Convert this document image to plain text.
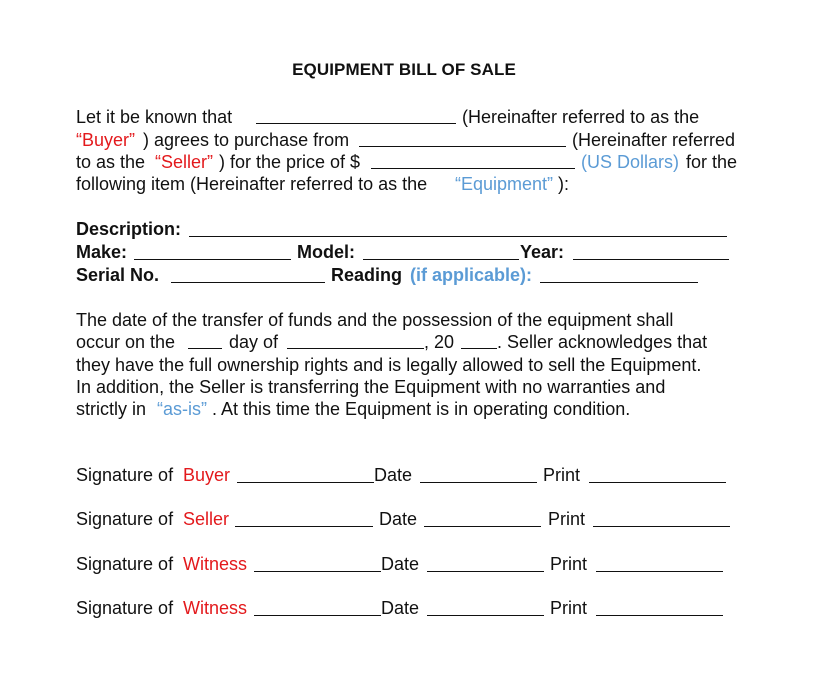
EQUIPMENT BILL OF SALE
Let it be known that	(Hereinafter referred to as the
“Buyer” ) agrees to purchase from	(Hereinafter referred
to as the “Seller” ) for the price of $	(US Dollars) for the
following item (Hereinafter referred to as the “Equipment” ):
Description:
Make:	Model:	Year:
Serial No.	Reading (if applicable):
The date of the transfer of funds and the possession of the equipment shall
occur on the	day of	, 20 . Seller acknowledges that
they have the full ownership rights and is legally allowed to sell the Equipment.
In addition, the Seller is transferring the Equipment with no warranties and
strictly in “as-is” . At this time the Equipment is in operating condition.
Signature of Buyer	Date	Print
Signature of Seller	Date	Print
Signature of Witness	Date	Print
Signature of Witness	Date	Print
